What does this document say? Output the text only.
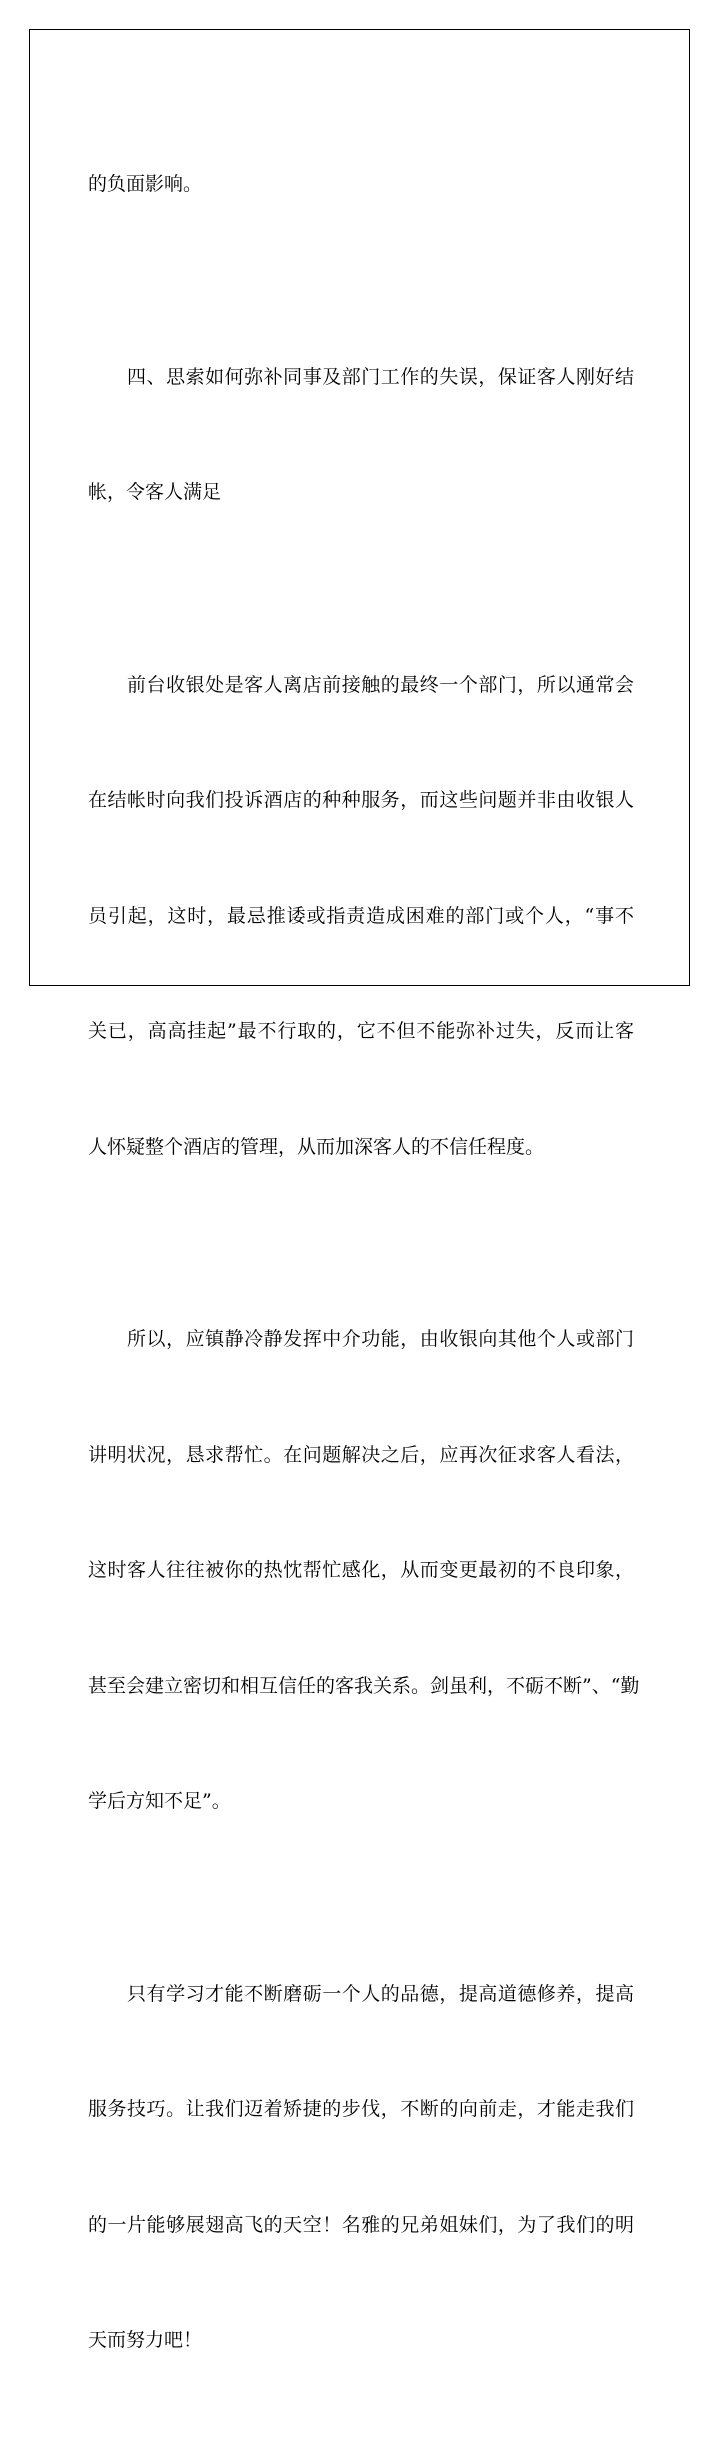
的负面影响。

　　四、思索如何弥补同事及部门工作的失误，保证客人刚好结

帐，令客人满足

　　前台收银处是客人离店前接触的最终一个部门，所以通常会

在结帐时向我们投诉酒店的种种服务，而这些问题并非由收银人

员引起，这时，最忌推诿或指责造成困难的部门或个人，“事不

关已，高高挂起”最不行取的，它不但不能弥补过失，反而让客

人怀疑整个酒店的管理，从而加深客人的不信任程度。

　　所以，应镇静冷静发挥中介功能，由收银向其他个人或部门

讲明状况，恳求帮忙。在问题解决之后，应再次征求客人看法，

这时客人往往被你的热忱帮忙感化，从而变更最初的不良印象，

甚至会建立密切和相互信任的客我关系。剑虽利，不砺不断”、“勤

学后方知不足”。

　　只有学习才能不断磨砺一个人的品德，提高道德修养，提高

服务技巧。让我们迈着矫捷的步伐，不断的向前走，才能走我们

的一片能够展翅高飞的天空！名雅的兄弟姐妹们，为了我们的明

天而努力吧！
